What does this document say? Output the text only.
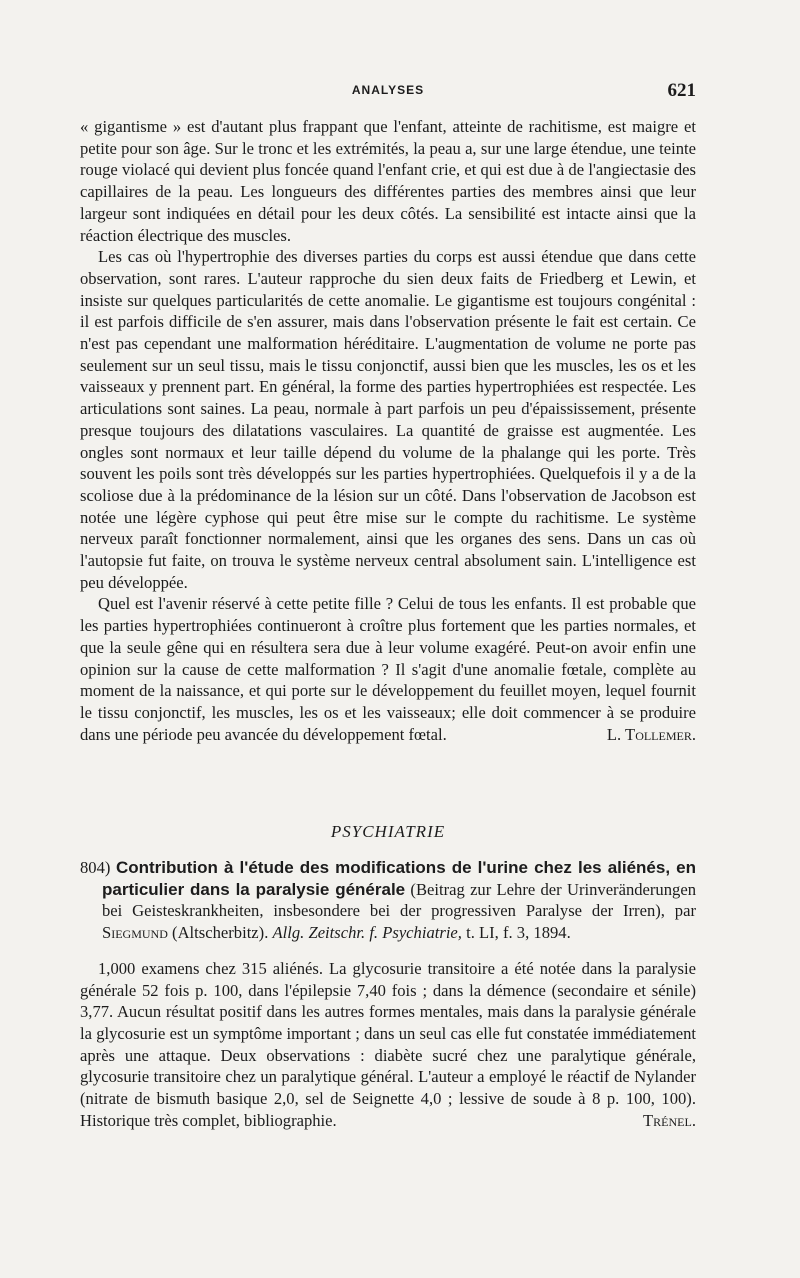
ANALYSES	621

« gigantisme » est d'autant plus frappant que l'enfant, atteinte de rachitisme, est maigre et petite pour son âge. Sur le tronc et les extrémités, la peau a, sur une large étendue, une teinte rouge violacé qui devient plus foncée quand l'enfant crie, et qui est due à de l'angiectasie des capillaires de la peau. Les longueurs des différentes parties des membres ainsi que leur largeur sont indiquées en détail pour les deux côtés. La sensibilité est intacte ainsi que la réaction électrique des muscles.

Les cas où l'hypertrophie des diverses parties du corps est aussi étendue que dans cette observation, sont rares. L'auteur rapproche du sien deux faits de Friedberg et Lewin, et insiste sur quelques particularités de cette anomalie. Le gigantisme est toujours congénital : il est parfois difficile de s'en assurer, mais dans l'observation présente le fait est certain. Ce n'est pas cependant une malformation héréditaire. L'augmentation de volume ne porte pas seulement sur un seul tissu, mais le tissu conjonctif, aussi bien que les muscles, les os et les vaisseaux y prennent part. En général, la forme des parties hypertrophiées est respectée. Les articulations sont saines. La peau, normale à part parfois un peu d'épaississement, présente presque toujours des dilatations vasculaires. La quantité de graisse est augmentée. Les ongles sont normaux et leur taille dépend du volume de la phalange qui les porte. Très souvent les poils sont très développés sur les parties hypertrophiées. Quelquefois il y a de la scoliose due à la prédominance de la lésion sur un côté. Dans l'observation de Jacobson est notée une légère cyphose qui peut être mise sur le compte du rachitisme. Le système nerveux paraît fonctionner normalement, ainsi que les organes des sens. Dans un cas où l'autopsie fut faite, on trouva le système nerveux central absolument sain. L'intelligence est peu développée.

Quel est l'avenir réservé à cette petite fille ? Celui de tous les enfants. Il est probable que les parties hypertrophiées continueront à croître plus fortement que les parties normales, et que la seule gêne qui en résultera sera due à leur volume exagéré. Peut-on avoir enfin une opinion sur la cause de cette malformation ? Il s'agit d'une anomalie fœtale, complète au moment de la naissance, et qui porte sur le développement du feuillet moyen, lequel fournit le tissu conjonctif, les muscles, les os et les vaisseaux; elle doit commencer à se produire dans une période peu avancée du développement fœtal.	L. Tollemer.

PSYCHIATRIE

804) Contribution à l'étude des modifications de l'urine chez les aliénés, en particulier dans la paralysie générale (Beitrag zur Lehre der Urinveränderungen bei Geisteskrankheiten, insbesondere bei der progressiven Paralyse der Irren), par Siegmund (Altscherbitz). Allg. Zeitschr. f. Psychiatrie, t. LI, f. 3, 1894.

1,000 examens chez 315 aliénés. La glycosurie transitoire a été notée dans la paralysie générale 52 fois p. 100, dans l'épilepsie 7,40 fois ; dans la démence (secondaire et sénile) 3,77. Aucun résultat positif dans les autres formes mentales, mais dans la paralysie générale la glycosurie est un symptôme important ; dans un seul cas elle fut constatée immédiatement après une attaque. Deux observations : diabète sucré chez une paralytique générale, glycosurie transitoire chez un paralytique général. L'auteur a employé le réactif de Nylander (nitrate de bismuth basique 2,0, sel de Seignette 4,0 ; lessive de soude à 8 p. 100, 100). Historique très complet, bibliographie.	Trénel.
